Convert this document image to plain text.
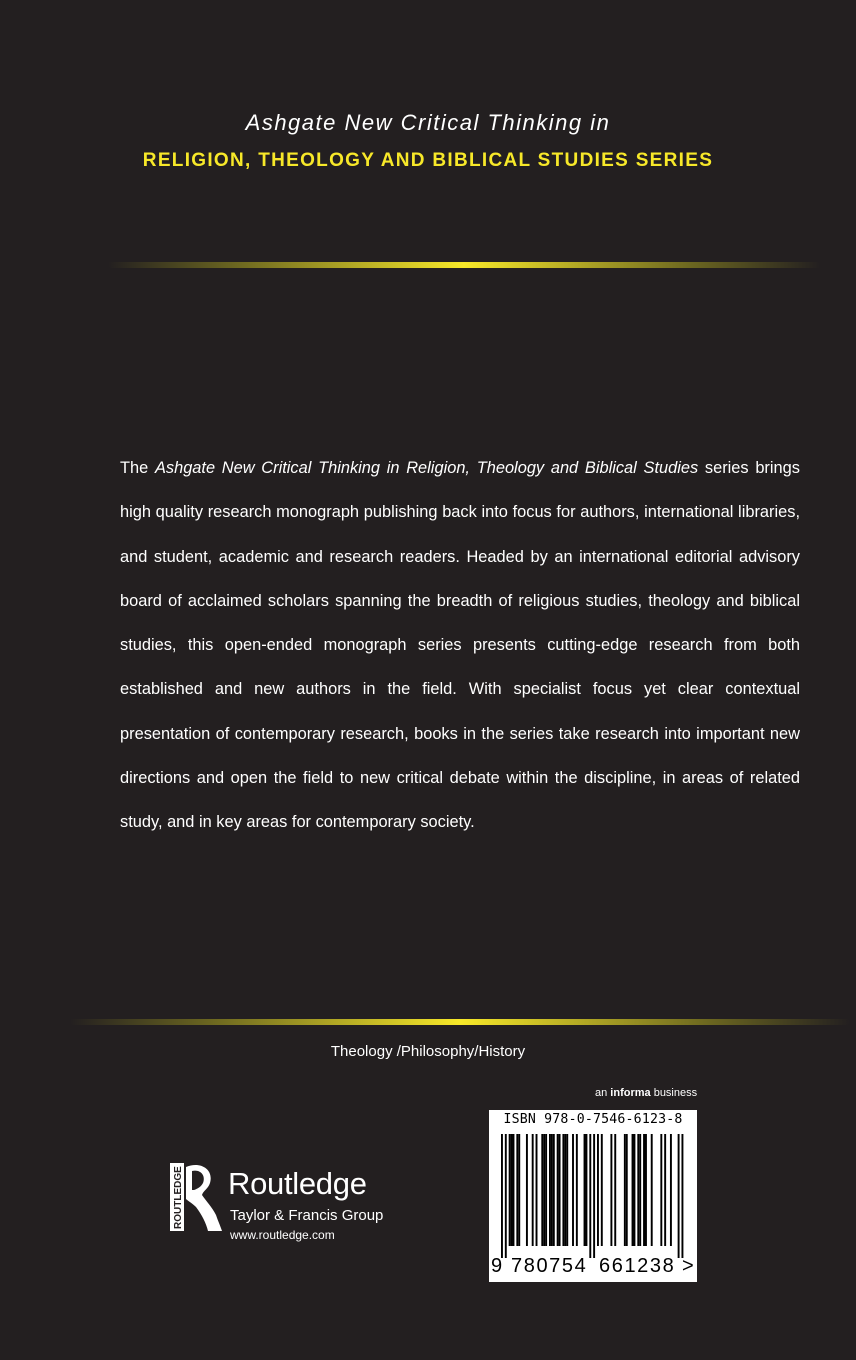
Ashgate New Critical Thinking in
RELIGION, THEOLOGY AND BIBLICAL STUDIES SERIES
The Ashgate New Critical Thinking in Religion, Theology and Biblical Studies series brings high quality research monograph publishing back into focus for authors, international libraries, and student, academic and research readers. Headed by an international editorial advisory board of acclaimed scholars spanning the breadth of religious studies, theology and biblical studies, this open-ended monograph series presents cutting-edge research from both established and new authors in the field. With specialist focus yet clear contextual presentation of contemporary research, books in the series take research into important new directions and open the field to new critical debate within the discipline, in areas of related study, and in key areas for contemporary society.
Theology /Philosophy/History
an informa business
ROUTLEDGE Routledge
Taylor & Francis Group
www.routledge.com
ISBN 978-0-7546-6123-8
9 780754 661238 >
